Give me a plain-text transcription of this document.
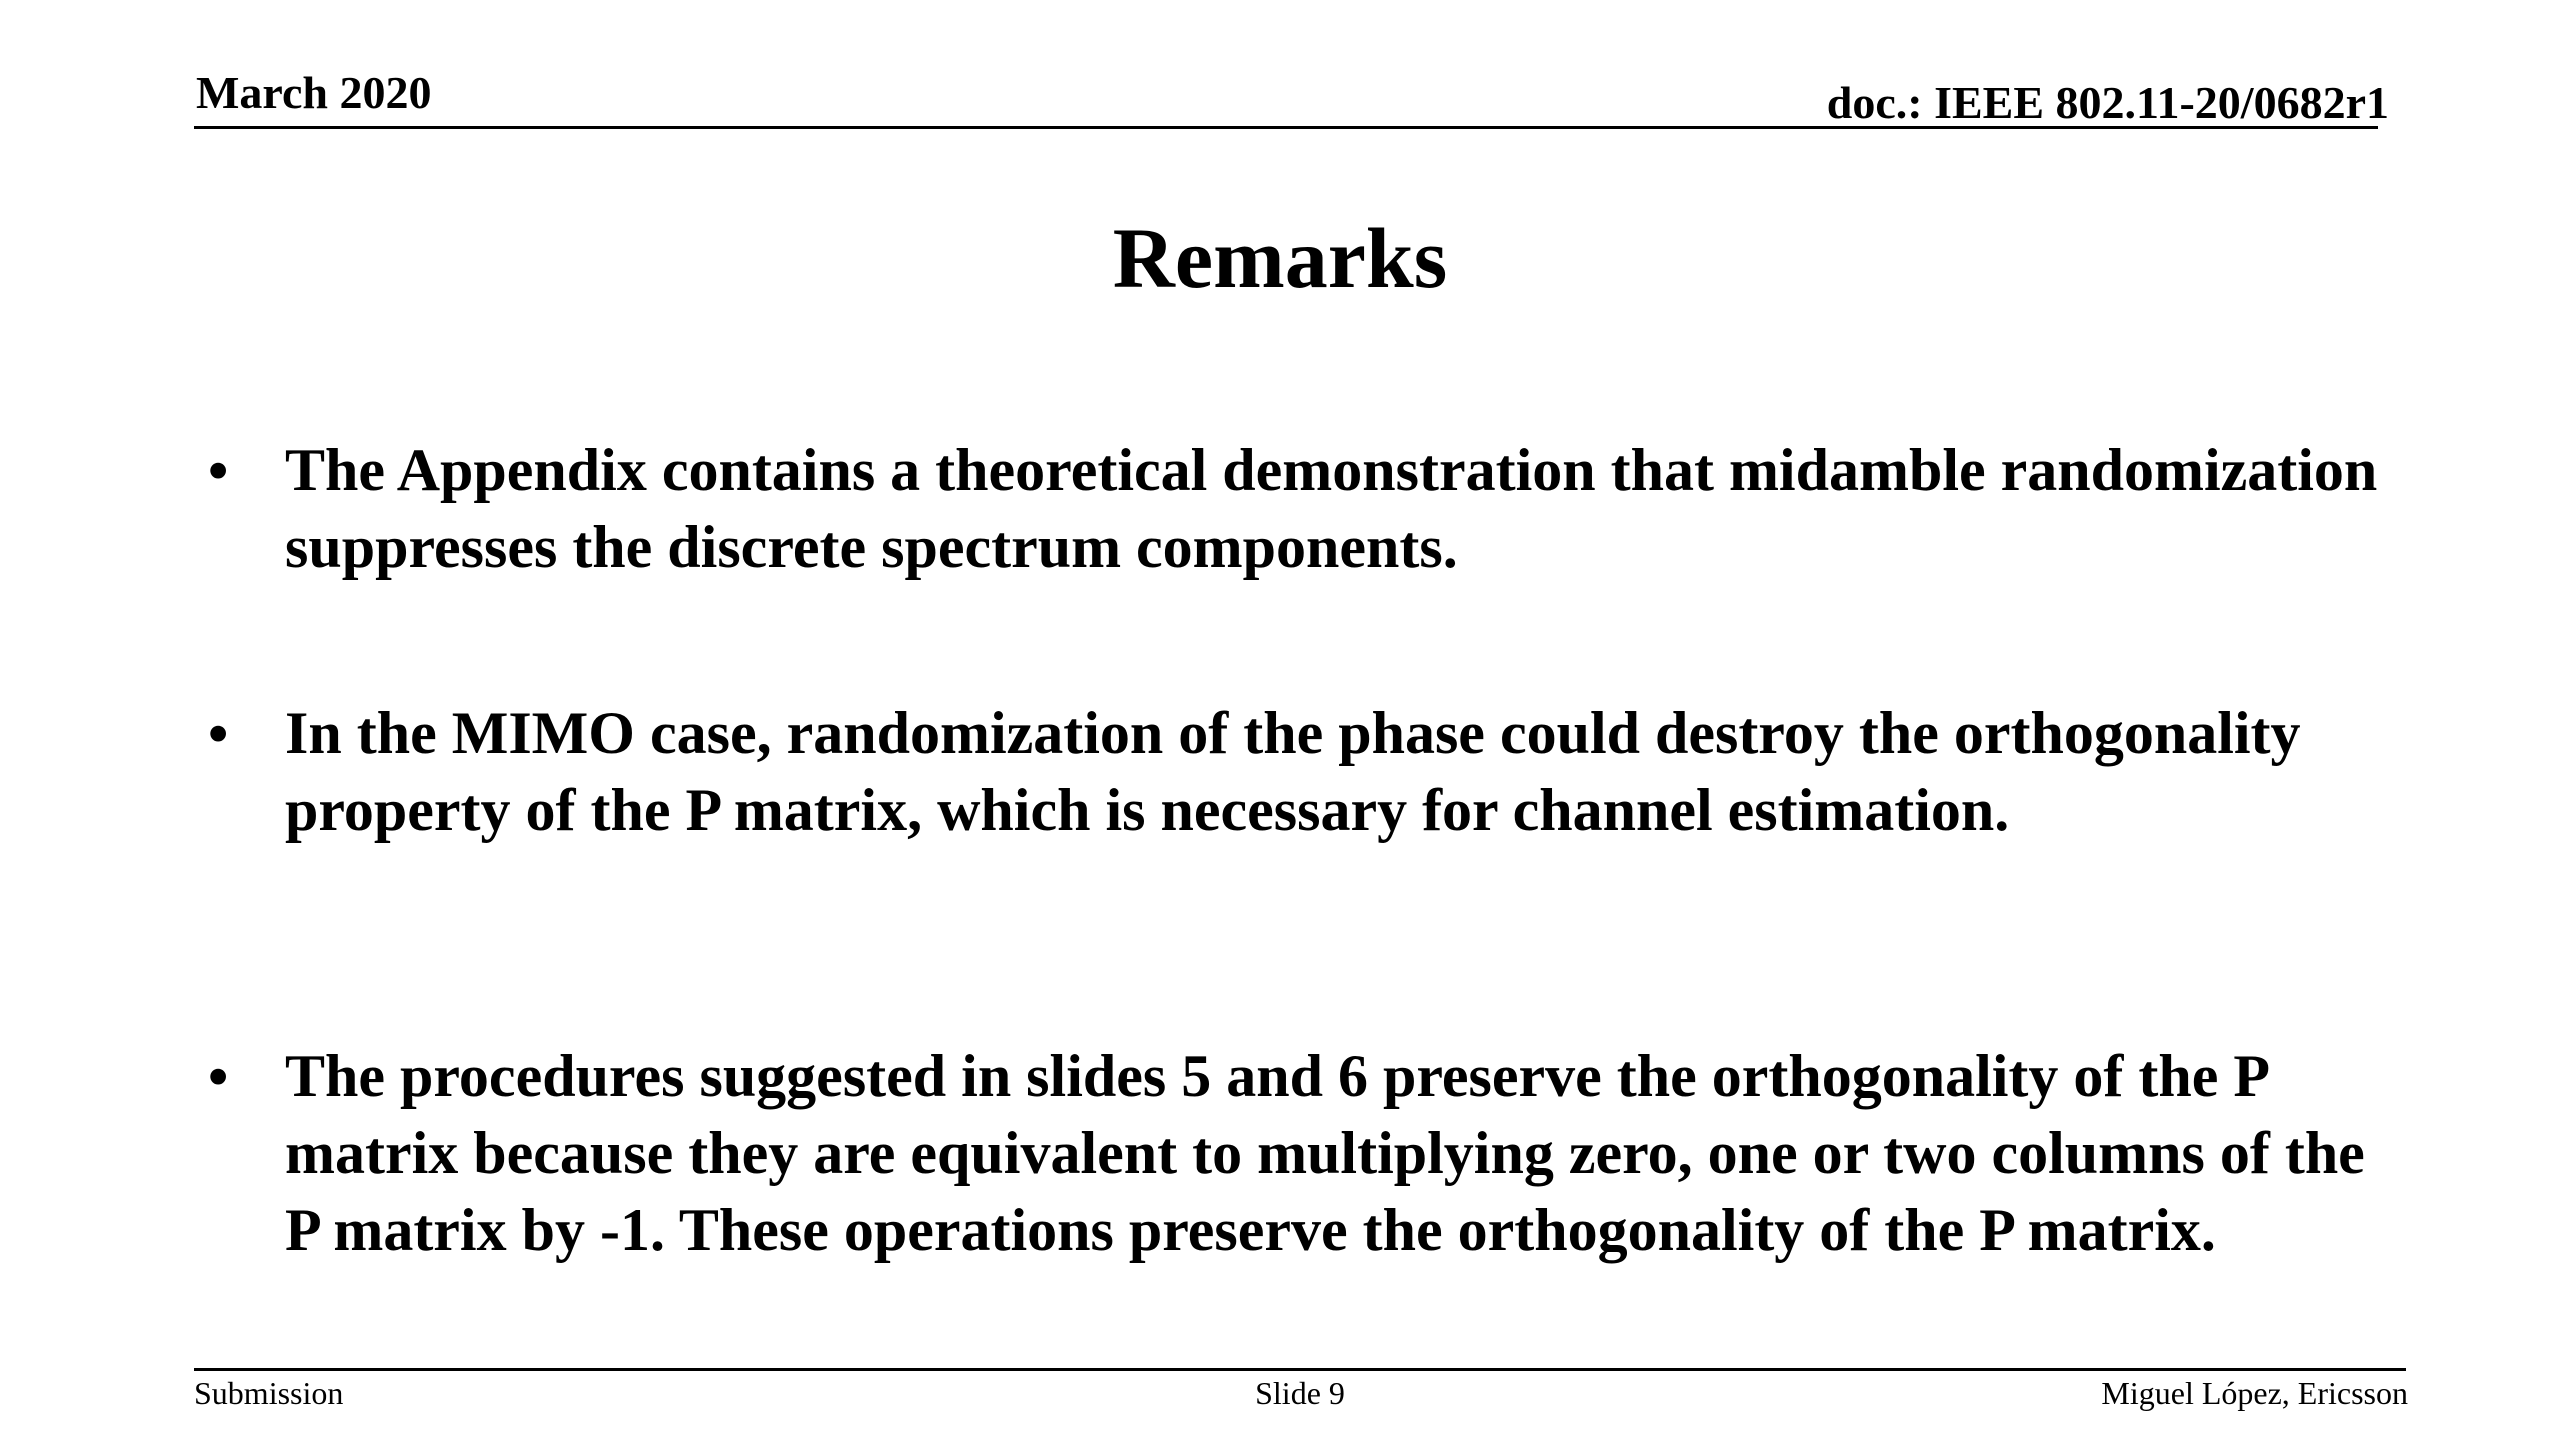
March 2020	doc.: IEEE 802.11-20/0682r1
Remarks
• The Appendix contains a theoretical demonstration that midamble randomization suppresses the discrete spectrum components.
• In the MIMO case, randomization of the phase could destroy the orthogonality property of the P matrix, which is necessary for channel estimation.
• The procedures suggested in slides 5 and 6 preserve the orthogonality of the P matrix because they are equivalent to multiplying zero, one or two columns of the P matrix by -1. These operations preserve the orthogonality of the P matrix.
Submission	Slide 9	Miguel López, Ericsson
